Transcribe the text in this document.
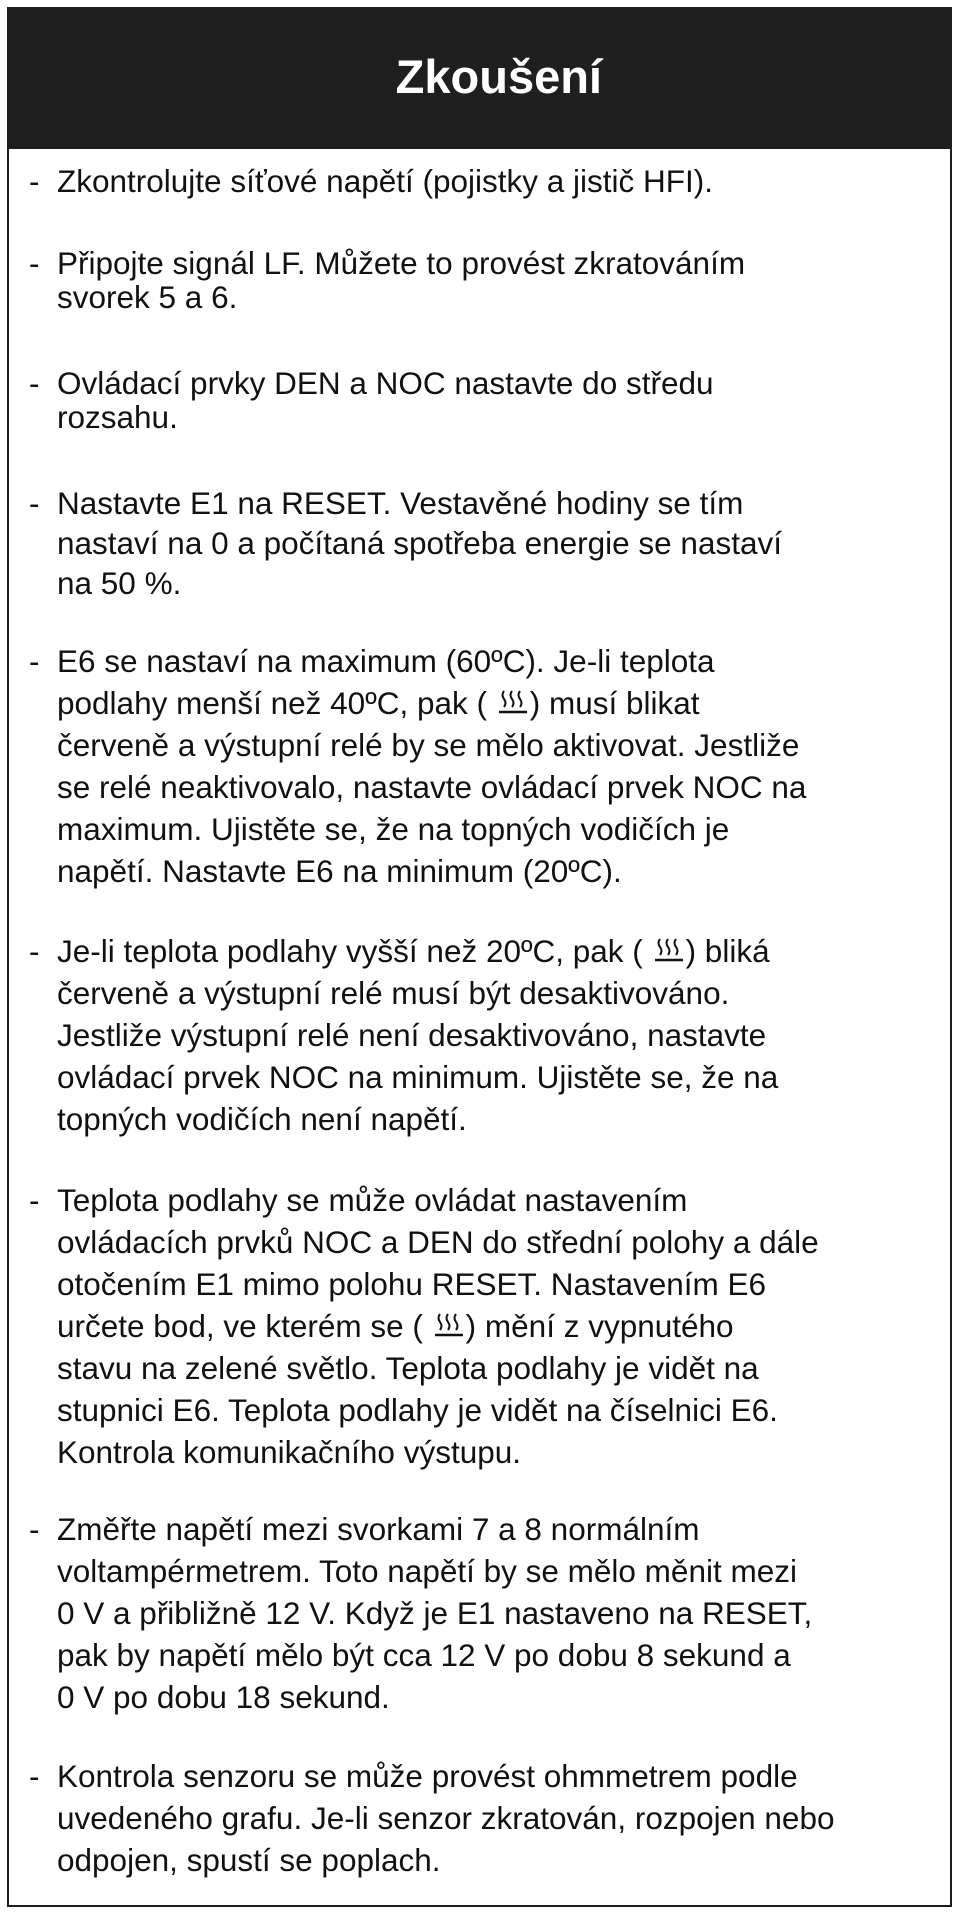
Zkoušení
- Zkontrolujte síťové napětí (pojistky a jistič HFI).
- Připojte signál LF. Můžete to provést zkratováním
svorek 5 a 6.
- Ovládací prvky DEN a NOC nastavte do středu
rozsahu.
- Nastavte E1 na RESET. Vestavěné hodiny se tím
nastaví na 0 a počítaná spotřeba energie se nastaví
na 50 %.
- E6 se nastaví na maximum (60ºC). Je-li teplota
podlahy menší než 40ºC, pak ( ) musí blikat
červeně a výstupní relé by se mělo aktivovat. Jestliže
se relé neaktivovalo, nastavte ovládací prvek NOC na
maximum. Ujistěte se, že na topných vodičích je
napětí. Nastavte E6 na minimum (20ºC).
- Je-li teplota podlahy vyšší než 20ºC, pak ( ) bliká
červeně a výstupní relé musí být desaktivováno.
Jestliže výstupní relé není desaktivováno, nastavte
ovládací prvek NOC na minimum. Ujistěte se, že na
topných vodičích není napětí.
- Teplota podlahy se může ovládat nastavením
ovládacích prvků NOC a DEN do střední polohy a dále
otočením E1 mimo polohu RESET. Nastavením E6
určete bod, ve kterém se ( ) mění z vypnutého
stavu na zelené světlo. Teplota podlahy je vidět na
stupnici E6. Teplota podlahy je vidět na číselnici E6.
Kontrola komunikačního výstupu.
- Změřte napětí mezi svorkami 7 a 8 normálním
voltampérmetrem. Toto napětí by se mělo měnit mezi
0 V a přibližně 12 V. Když je E1 nastaveno na RESET,
pak by napětí mělo být cca 12 V po dobu 8 sekund a
0 V po dobu 18 sekund.
- Kontrola senzoru se může provést ohmmetrem podle
uvedeného grafu. Je-li senzor zkratován, rozpojen nebo
odpojen, spustí se poplach.
